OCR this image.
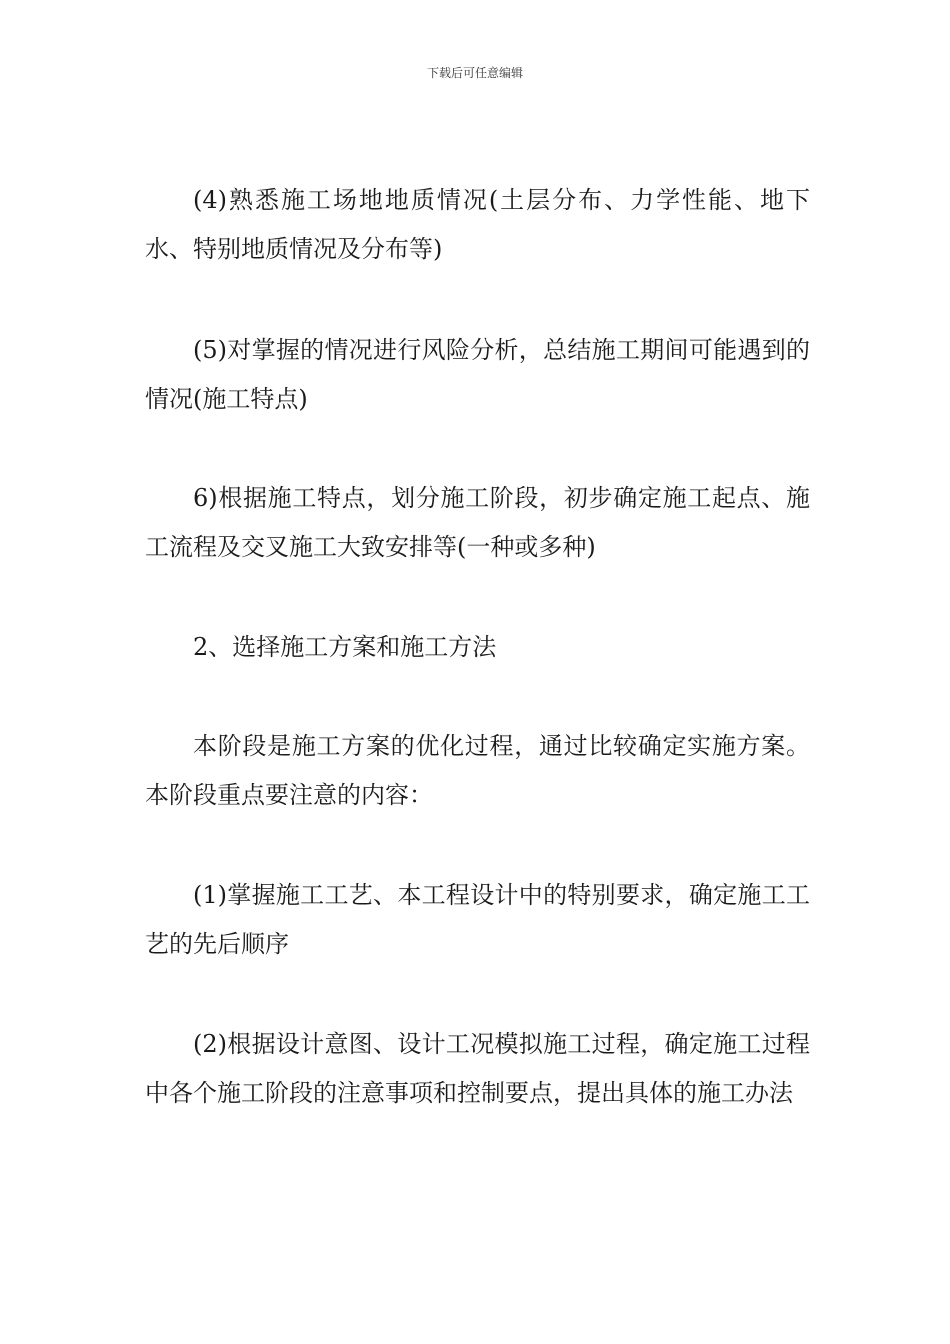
下载后可任意编辑

(4)熟悉施工场地地质情况(土层分布、力学性能、地下水、特别地质情况及分布等)

(5)对掌握的情况进行风险分析，总结施工期间可能遇到的情况(施工特点)

6)根据施工特点，划分施工阶段，初步确定施工起点、施工流程及交叉施工大致安排等(一种或多种)

2、选择施工方案和施工方法

本阶段是施工方案的优化过程，通过比较确定实施方案。本阶段重点要注意的内容：

(1)掌握施工工艺、本工程设计中的特别要求，确定施工工艺的先后顺序

(2)根据设计意图、设计工况模拟施工过程，确定施工过程中各个施工阶段的注意事项和控制要点，提出具体的施工办法
